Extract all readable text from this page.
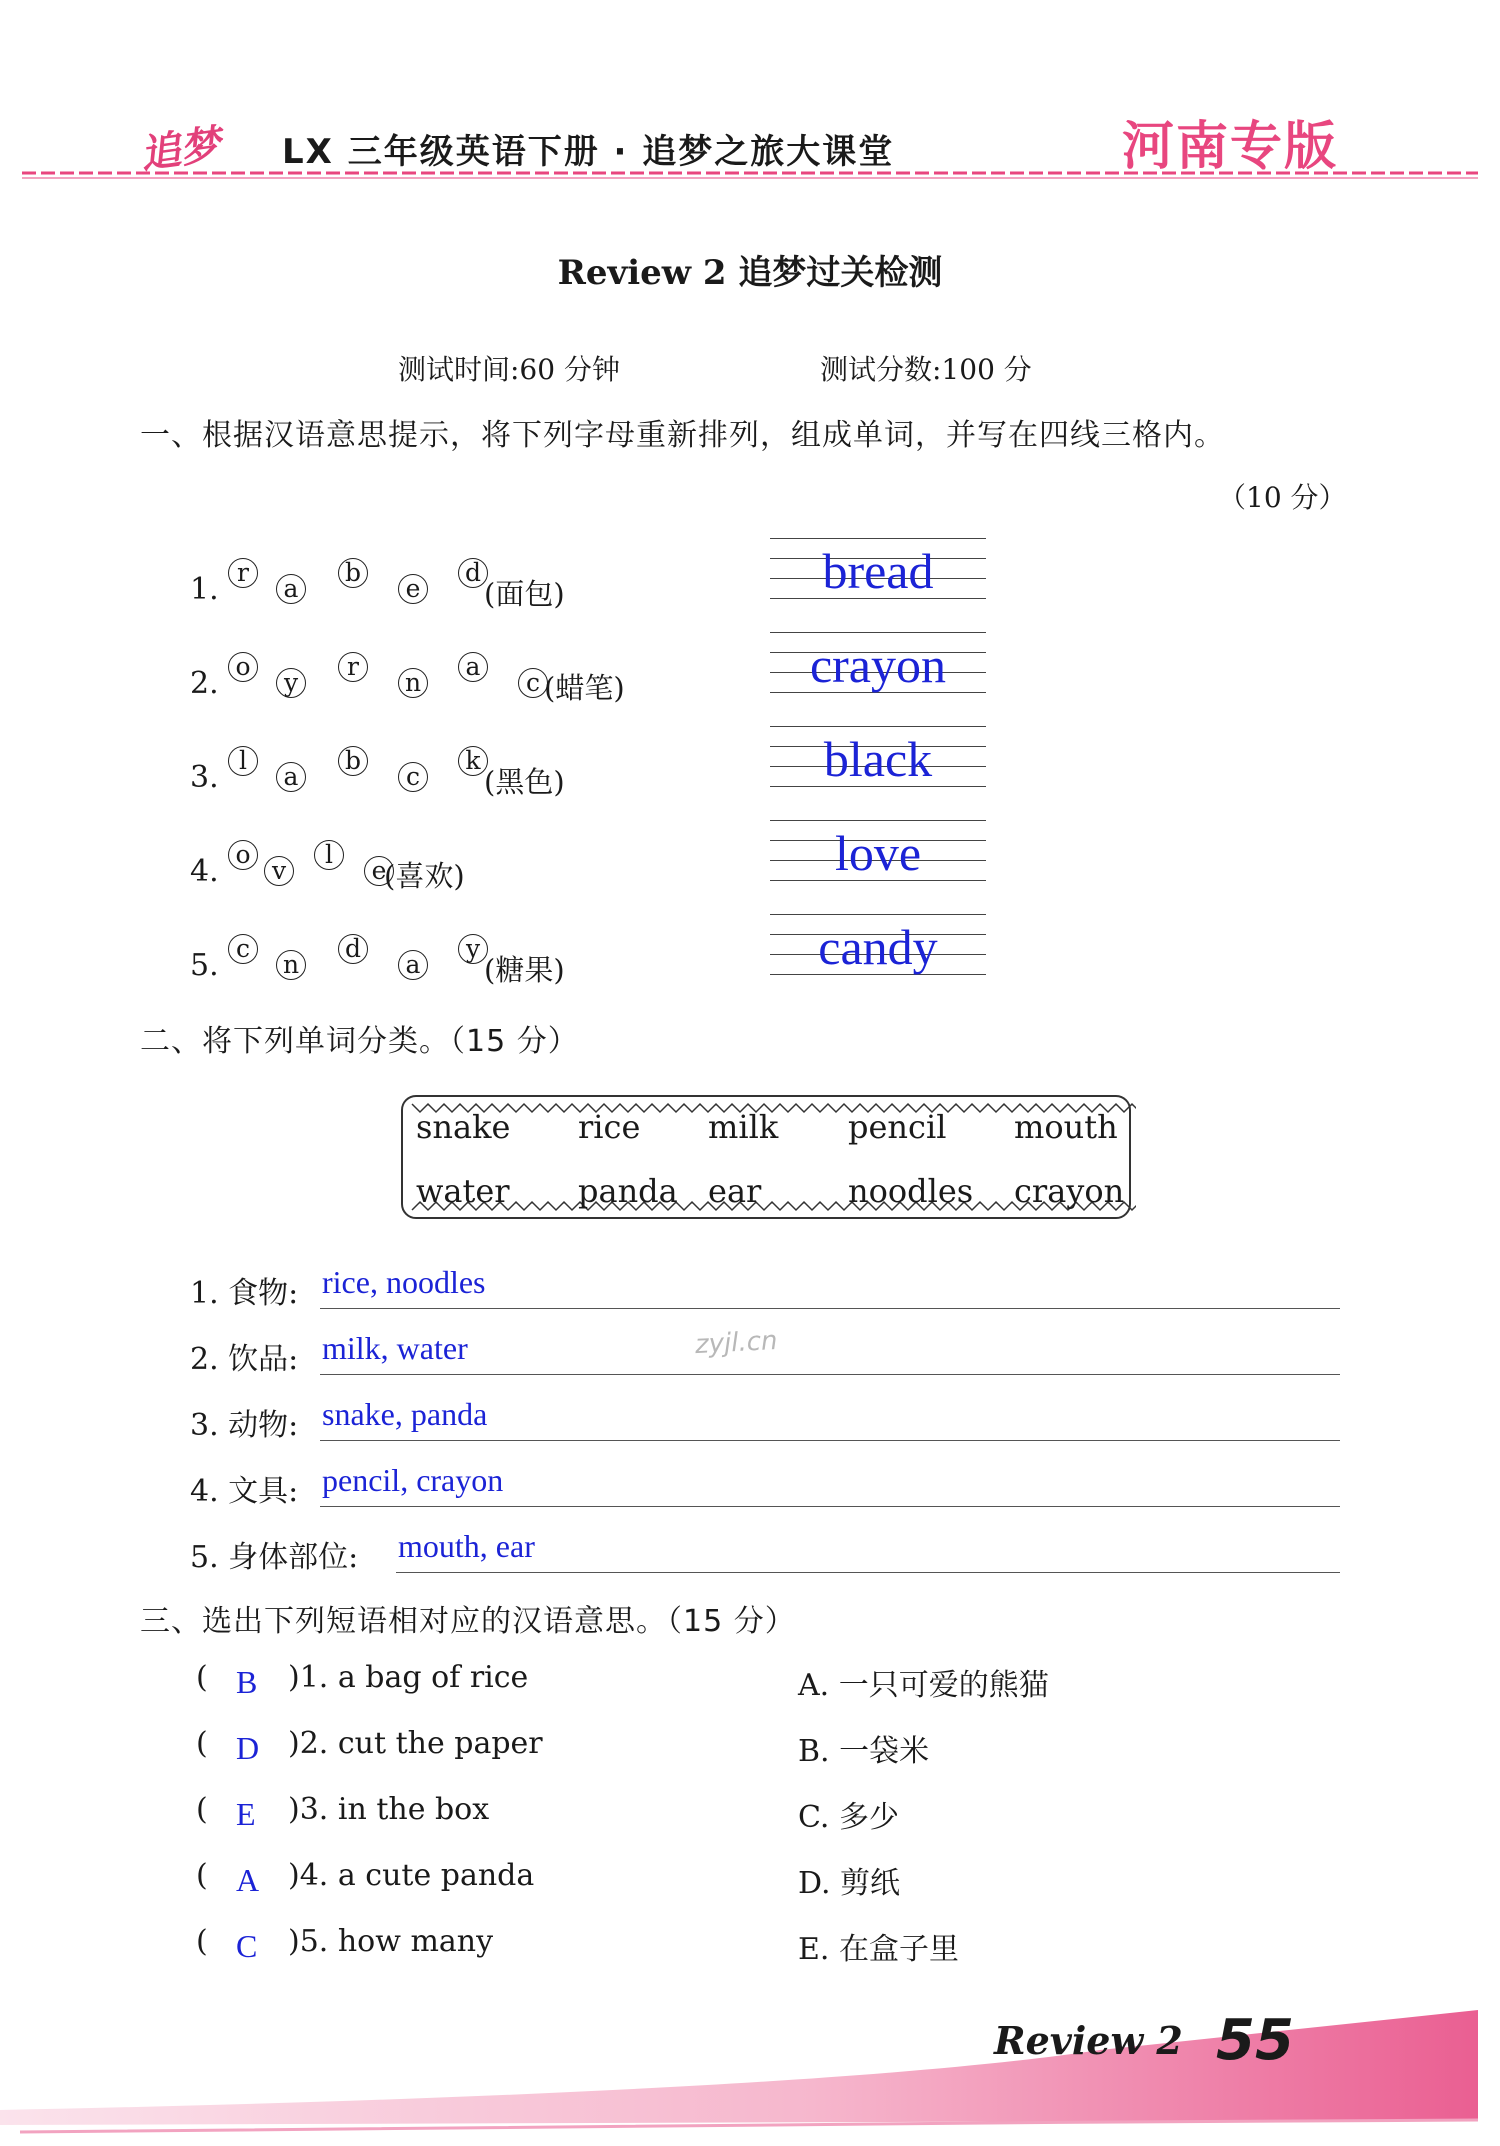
追梦 LX 三年级英语下册 · 追梦之旅大课堂	河南专版
Review 2 追梦过关检测
测试时间:60 分钟	测试分数:100 分
一、根据汉语意思提示，将下列字母重新排列，组成单词，并写在四线三格内。
（10 分）
1. r
a
b
e
d
(面包)	bread
2. o
y
r
n
a
c (蜡笔)	crayon
3. l
a
b
c
k
(黑色)	black
4. o
v
l
e
(喜欢)	love
5. c
n
d
a
y
(糖果)	candy
二、将下列单词分类。（15 分）
snake rice milk pencil mouth
water panda ear	noodles crayon
1. 食物: rice, noodles
2. 饮品: milk, water
3. 动物: snake, panda
4. 文具: pencil, crayon
5. 身体部位: mouth, ear
zyjl.cn
三、选出下列短语相对应的汉语意思。（15 分）
( B )1. a bag of rice	A. 一只可爱的熊猫
( D )2. cut the paper	B. 一袋米
( E )3. in the box	C. 多少
( A )4. a cute panda	D. 剪纸
( C )5. how many	E. 在盒子里
Review 2 55
